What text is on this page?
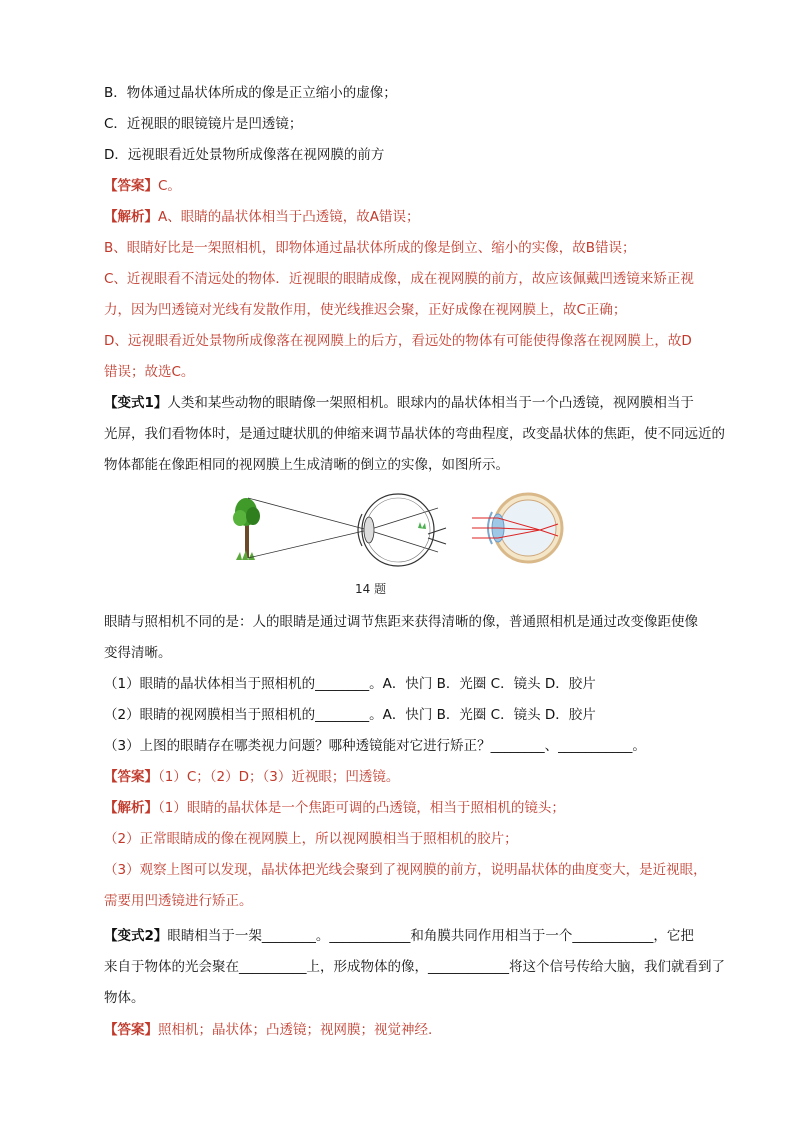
B．物体通过晶状体所成的像是正立缩小的虚像；
C．近视眼的眼镜镜片是凹透镜；
D．远视眼看近处景物所成像落在视网膜的前方
【答案】C。
【解析】A、眼睛的晶状体相当于凸透镜，故A错误；
B、眼睛好比是一架照相机，即物体通过晶状体所成的像是倒立、缩小的实像，故B错误；
C、近视眼看不清远处的物体．近视眼的眼睛成像，成在视网膜的前方，故应该佩戴凹透镜来矫正视
力，因为凹透镜对光线有发散作用，使光线推迟会聚，正好成像在视网膜上，故C正确；
D、远视眼看近处景物所成像落在视网膜上的后方，看远处的物体有可能使得像落在视网膜上，故D
错误；故选C。
【变式1】人类和某些动物的眼睛像一架照相机。眼球内的晶状体相当于一个凸透镜，视网膜相当于
光屏，我们看物体时，是通过睫状肌的伸缩来调节晶状体的弯曲程度，改变晶状体的焦距，使不同远近的
物体都能在像距相同的视网膜上生成清晰的倒立的实像，如图所示。
14 题
眼睛与照相机不同的是：人的眼睛是通过调节焦距来获得清晰的像，普通照相机是通过改变像距使像
变得清晰。
（1）眼睛的晶状体相当于照相机的________。A．快门 B．光圈 C．镜头 D．胶片
（2）眼睛的视网膜相当于照相机的________。A．快门 B．光圈 C．镜头 D．胶片
（3）上图的眼睛存在哪类视力问题？哪种透镜能对它进行矫正？________、___________。
【答案】（1）C；（2）D；（3）近视眼；凹透镜。
【解析】（1）眼睛的晶状体是一个焦距可调的凸透镜，相当于照相机的镜头；
（2）正常眼睛成的像在视网膜上，所以视网膜相当于照相机的胶片；
（3）观察上图可以发现，晶状体把光线会聚到了视网膜的前方，说明晶状体的曲度变大，是近视眼，
需要用凹透镜进行矫正。
【变式2】眼睛相当于一架________。____________和角膜共同作用相当于一个____________，它把
来自于物体的光会聚在__________上，形成物体的像，____________将这个信号传给大脑，我们就看到了
物体。
【答案】照相机；晶状体；凸透镜；视网膜；视觉神经.
